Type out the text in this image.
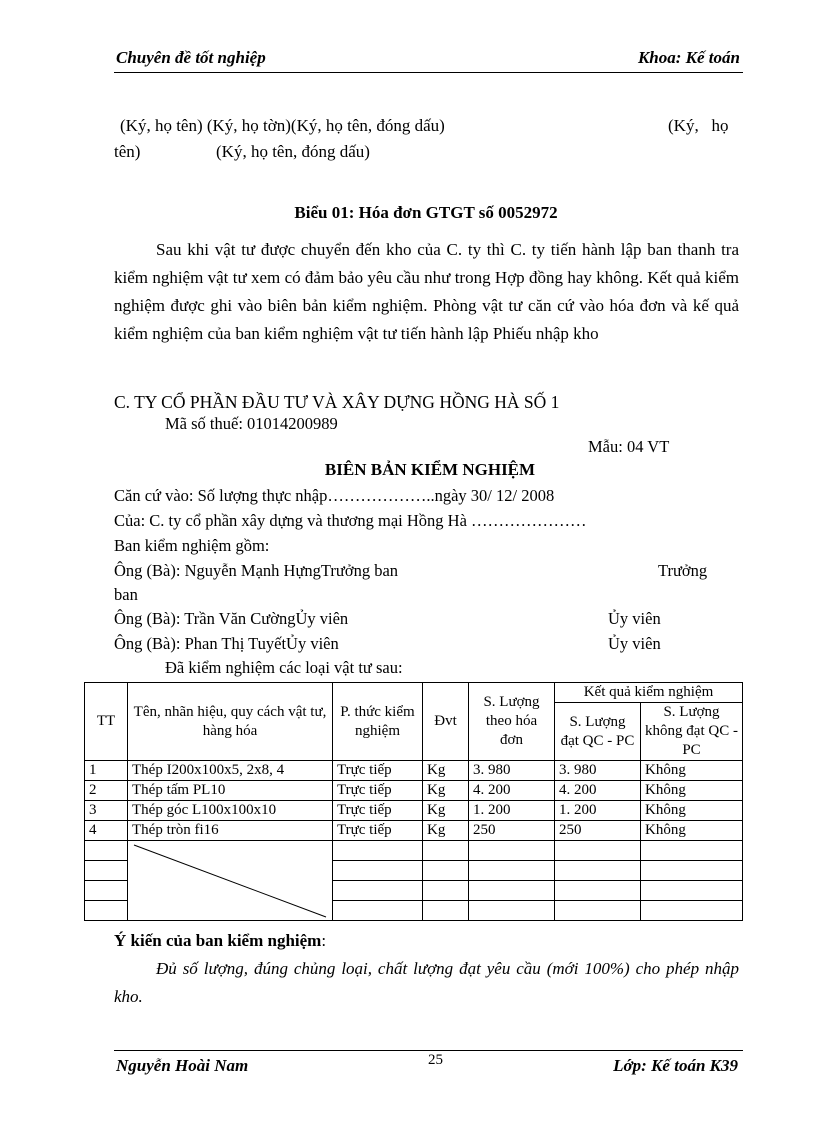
Chuyên đề tốt nghiệp	Khoa: Kế toán
(Ký, họ tên) (Ký, họ tờn)(Ký, họ tên, đóng dấu)	(Ký,   họ
tên)	(Ký, họ tên, đóng dấu)
Biểu 01: Hóa đơn GTGT số 0052972
Sau khi vật tư được chuyển đến kho của C. ty thì C. ty tiến hành lập ban thanh tra kiểm nghiệm vật tư xem có đảm bảo yêu cầu như trong Hợp đồng hay không. Kết quả kiểm nghiệm được ghi vào biên bản kiểm nghiệm. Phòng vật tư căn cứ vào hóa đơn và kế quả kiểm nghiệm của ban kiểm nghiệm vật tư tiến hành lập Phiếu nhập kho
C. TY CỔ PHẦN ĐẦU TƯ VÀ XÂY DỰNG HỒNG HÀ SỐ 1
Mã số thuế: 01014200989
Mẫu: 04 VT
BIÊN BẢN KIỂM NGHIỆM
Căn cứ vào: Số lượng thực nhập………………..ngày 30/ 12/ 2008
Của: C. ty cổ phần xây dựng và thương mại Hồng Hà …………………
Ban kiểm nghiệm gồm:
Ông (Bà): Nguyễn Mạnh HựngTrưởng ban	Trưởng
ban
Ông (Bà): Trần Văn CườngỦy viên	Ủy viên
Ông (Bà): Phan Thị TuyếtỦy viên	Ủy viên
Đã kiểm nghiệm các loại vật tư sau:
TT	Tên, nhãn hiệu, quy cách vật tư, hàng hóa	P. thức kiểm nghiệm	Đvt	S. Lượng theo hóa đơn	Kết quả kiểm nghiệm	
					S. Lượng đạt QC - PC	S. Lượng không đạt QC - PC
1	Thép I200x100x5, 2x8, 4	Trực tiếp	Kg	3. 980	3. 980	Không
2	Thép tấm PL10	Trực tiếp	Kg	4. 200	4. 200	Không
3	Thép góc L100x100x10	Trực tiếp	Kg	1. 200	1. 200	Không
4	Thép tròn fi16	Trực tiếp	Kg	250	250	Không

Ý kiến của ban kiểm nghiệm:
Đủ số lượng, đúng chủng loại, chất lượng đạt yêu cầu (mới 100%) cho phép nhập kho.
25
Nguyễn Hoài Nam	Lớp: Kế toán K39
